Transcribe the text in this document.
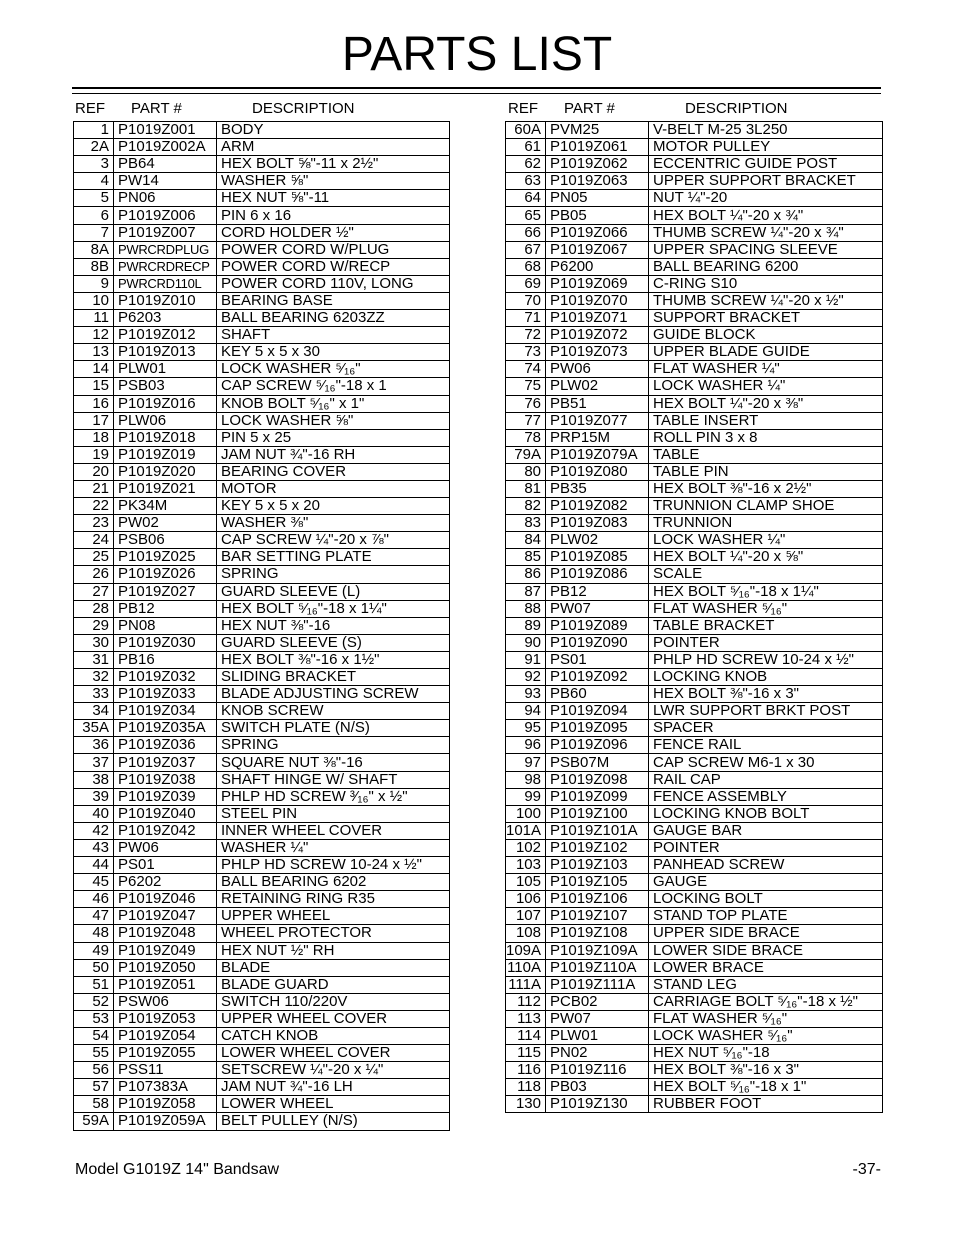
PARTS LIST
REF PART #	DESCRIPTION	REF PART #	DESCRIPTION
1	P1019Z001	BODY
2A	P1019Z002A	ARM
3	PB64	HEX BOLT ⅝"-11 x 2½"
4	PW14	WASHER ⅝"
5	PN06	HEX NUT ⅝"-11
6	P1019Z006	PIN 6 x 16
7	P1019Z007	CORD HOLDER ½"
8A	PWRCRDPLUG	POWER CORD W/PLUG
8B	PWRCRDRECP	POWER CORD W/RECP
9	PWRCRD110L	POWER CORD 110V, LONG
10	P1019Z010	BEARING BASE
11	P6203	BALL BEARING 6203ZZ
12	P1019Z012	SHAFT
13	P1019Z013	KEY 5 x 5 x 30
14	PLW01	LOCK WASHER ⁵⁄₁₆"
15	PSB03	CAP SCREW ⁵⁄₁₆"-18 x 1
16	P1019Z016	KNOB BOLT ⁵⁄₁₆" x 1"
17	PLW06	LOCK WASHER ⅝"
18	P1019Z018	PIN 5 x 25
19	P1019Z019	JAM NUT ¾"-16 RH
20	P1019Z020	BEARING COVER
21	P1019Z021	MOTOR
22	PK34M	KEY 5 x 5 x 20
23	PW02	WASHER ⅜"
24	PSB06	CAP SCREW ¼"-20 x ⅞"
25	P1019Z025	BAR SETTING PLATE
26	P1019Z026	SPRING
27	P1019Z027	GUARD SLEEVE (L)
28	PB12	HEX BOLT ⁵⁄₁₆"-18 x 1¼"
29	PN08	HEX NUT ⅜"-16
30	P1019Z030	GUARD SLEEVE (S)
31	PB16	HEX BOLT ⅜"-16 x 1½"
32	P1019Z032	SLIDING BRACKET
33	P1019Z033	BLADE ADJUSTING SCREW
34	P1019Z034	KNOB SCREW
35A	P1019Z035A	SWITCH PLATE (N/S)
36	P1019Z036	SPRING
37	P1019Z037	SQUARE NUT ⅜"-16
38	P1019Z038	SHAFT HINGE W/ SHAFT
39	P1019Z039	PHLP HD SCREW ³⁄₁₆" x ½"
40	P1019Z040	STEEL PIN
42	P1019Z042	INNER WHEEL COVER
43	PW06	WASHER ¼"
44	PS01	PHLP HD SCREW 10-24 x ½"
45	P6202	BALL BEARING 6202
46	P1019Z046	RETAINING RING R35
47	P1019Z047	UPPER WHEEL
48	P1019Z048	WHEEL PROTECTOR
49	P1019Z049	HEX NUT ½" RH
50	P1019Z050	BLADE
51	P1019Z051	BLADE GUARD
52	PSW06	SWITCH 110/220V
53	P1019Z053	UPPER WHEEL COVER
54	P1019Z054	CATCH KNOB
55	P1019Z055	LOWER WHEEL COVER
56	PSS11	SETSCREW ¼"-20 x ¼"
57	P107383A	JAM NUT ¾"-16 LH
58	P1019Z058	LOWER WHEEL
59A	P1019Z059A	BELT PULLEY (N/S)
60A	PVM25	V-BELT M-25 3L250
61	P1019Z061	MOTOR PULLEY
62	P1019Z062	ECCENTRIC GUIDE POST
63	P1019Z063	UPPER SUPPORT BRACKET
64	PN05	NUT ¼"-20
65	PB05	HEX BOLT ¼"-20 x ¾"
66	P1019Z066	THUMB SCREW ¼"-20 x ¾"
67	P1019Z067	UPPER SPACING SLEEVE
68	P6200	BALL BEARING 6200
69	P1019Z069	C-RING S10
70	P1019Z070	THUMB SCREW ¼"-20 x ½"
71	P1019Z071	SUPPORT BRACKET
72	P1019Z072	GUIDE BLOCK
73	P1019Z073	UPPER BLADE GUIDE
74	PW06	FLAT WASHER ¼"
75	PLW02	LOCK WASHER ¼"
76	PB51	HEX BOLT ¼"-20 x ⅜"
77	P1019Z077	TABLE INSERT
78	PRP15M	ROLL PIN 3 x 8
79A	P1019Z079A	TABLE
80	P1019Z080	TABLE PIN
81	PB35	HEX BOLT ⅜"-16 x 2½"
82	P1019Z082	TRUNNION CLAMP SHOE
83	P1019Z083	TRUNNION
84	PLW02	LOCK WASHER ¼"
85	P1019Z085	HEX BOLT ¼"-20 x ⅝"
86	P1019Z086	SCALE
87	PB12	HEX BOLT ⁵⁄₁₆"-18 x 1¼"
88	PW07	FLAT WASHER ⁵⁄₁₆"
89	P1019Z089	TABLE BRACKET
90	P1019Z090	POINTER
91	PS01	PHLP HD SCREW 10-24 x ½"
92	P1019Z092	LOCKING KNOB
93	PB60	HEX BOLT ⅜"-16 x 3"
94	P1019Z094	LWR SUPPORT BRKT POST
95	P1019Z095	SPACER
96	P1019Z096	FENCE RAIL
97	PSB07M	CAP SCREW M6-1 x 30
98	P1019Z098	RAIL CAP
99	P1019Z099	FENCE ASSEMBLY
100	P1019Z100	LOCKING KNOB BOLT
101A	P1019Z101A	GAUGE BAR
102	P1019Z102	POINTER
103	P1019Z103	PANHEAD SCREW
105	P1019Z105	GAUGE
106	P1019Z106	LOCKING BOLT
107	P1019Z107	STAND TOP PLATE
108	P1019Z108	UPPER SIDE BRACE
109A	P1019Z109A	LOWER SIDE BRACE
110A	P1019Z110A	LOWER BRACE
111A	P1019Z111A	STAND LEG
112	PCB02	CARRIAGE BOLT ⁵⁄₁₆"-18 x ½"
113	PW07	FLAT WASHER ⁵⁄₁₆"
114	PLW01	LOCK WASHER ⁵⁄₁₆"
115	PN02	HEX NUT ⁵⁄₁₆"-18
116	P1019Z116	HEX BOLT ⅜"-16 x 3"
118	PB03	HEX BOLT ⁵⁄₁₆"-18 x 1"
130	P1019Z130	RUBBER FOOT
Model G1019Z 14" Bandsaw	-37-
